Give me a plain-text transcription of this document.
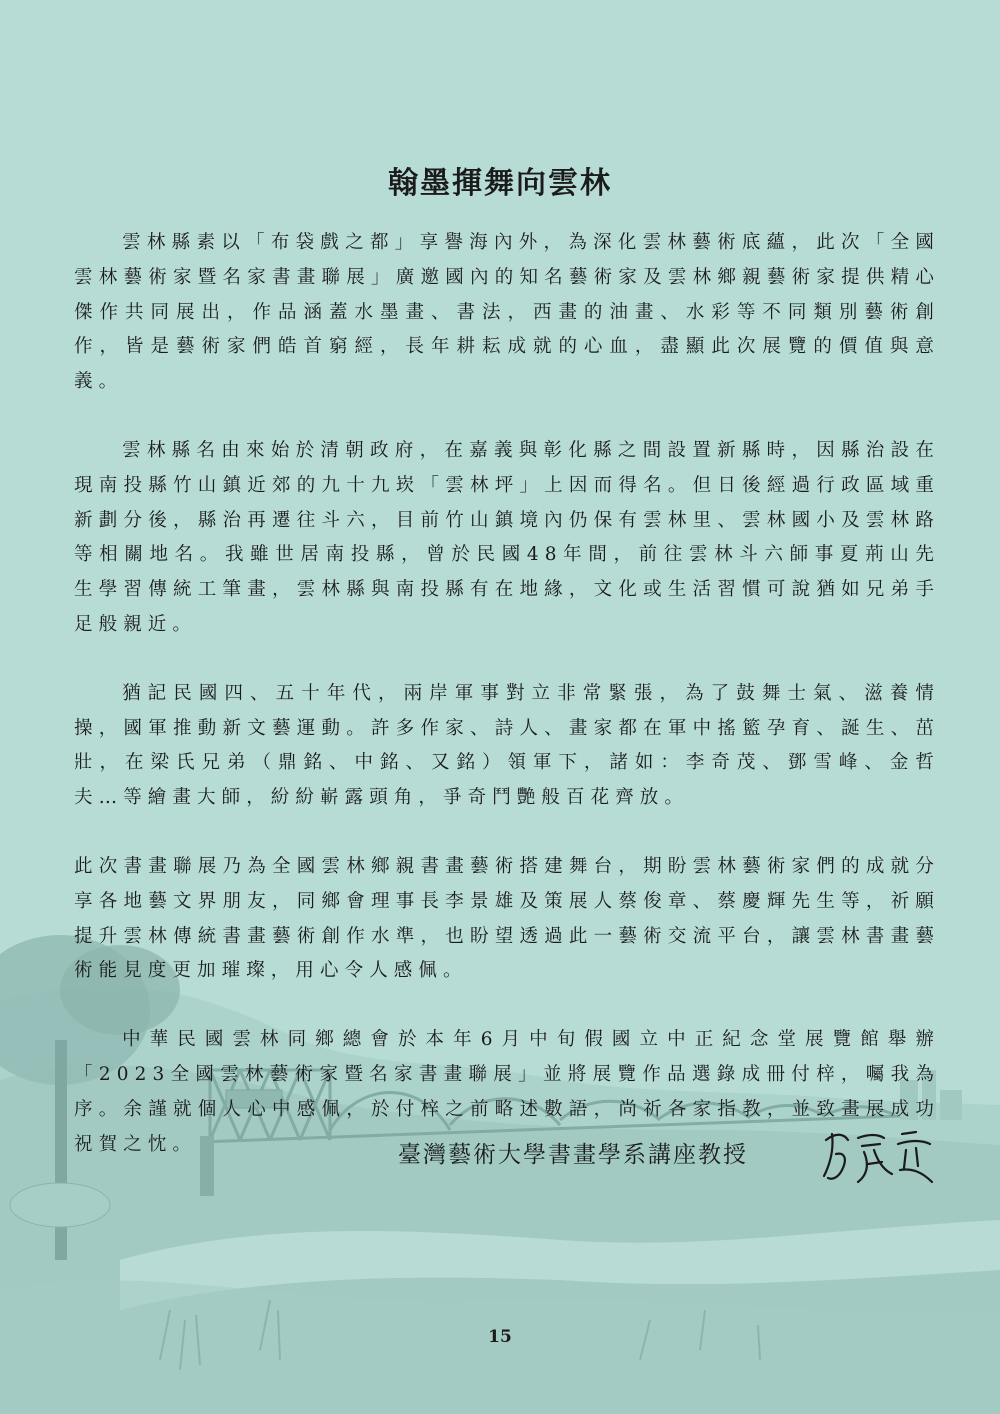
翰墨揮舞向雲林

雲林縣素以「布袋戲之都」享譽海內外，為深化雲林藝術底蘊，此次「全國雲林藝術家暨名家書畫聯展」廣邀國內的知名藝術家及雲林鄉親藝術家提供精心傑作共同展出，作品涵蓋水墨畫、書法，西畫的油畫、水彩等不同類別藝術創作，皆是藝術家們皓首窮經，長年耕耘成就的心血，盡顯此次展覽的價值與意義。

雲林縣名由來始於清朝政府，在嘉義與彰化縣之間設置新縣時，因縣治設在現南投縣竹山鎮近郊的九十九崁「雲林坪」上因而得名。但日後經過行政區域重新劃分後，縣治再遷往斗六，目前竹山鎮境內仍保有雲林里、雲林國小及雲林路等相關地名。我雖世居南投縣，曾於民國48年間，前往雲林斗六師事夏荊山先生學習傳統工筆畫，雲林縣與南投縣有在地緣，文化或生活習慣可說猶如兄弟手足般親近。

猶記民國四、五十年代，兩岸軍事對立非常緊張，為了鼓舞士氣、滋養情操，國軍推動新文藝運動。許多作家、詩人、畫家都在軍中搖籃孕育、誕生、茁壯，在梁氏兄弟（鼎銘、中銘、又銘）領軍下，諸如：李奇茂、鄧雪峰、金哲夫…等繪畫大師，紛紛嶄露頭角，爭奇鬥艷般百花齊放。

此次書畫聯展乃為全國雲林鄉親書畫藝術搭建舞台，期盼雲林藝術家們的成就分享各地藝文界朋友，同鄉會理事長李景雄及策展人蔡俊章、蔡慶輝先生等，祈願提升雲林傳統書畫藝術創作水準，也盼望透過此一藝術交流平台，讓雲林書畫藝術能見度更加璀璨，用心令人感佩。

中華民國雲林同鄉總會於本年6月中旬假國立中正紀念堂展覽館舉辦「2023全國雲林藝術家暨名家書畫聯展」並將展覽作品選錄成冊付梓，囑我為序。余謹就個人心中感佩，於付梓之前略述數語，尚祈各家指教，並致畫展成功祝賀之忱。	臺灣藝術大學書畫學系講座教授
15
